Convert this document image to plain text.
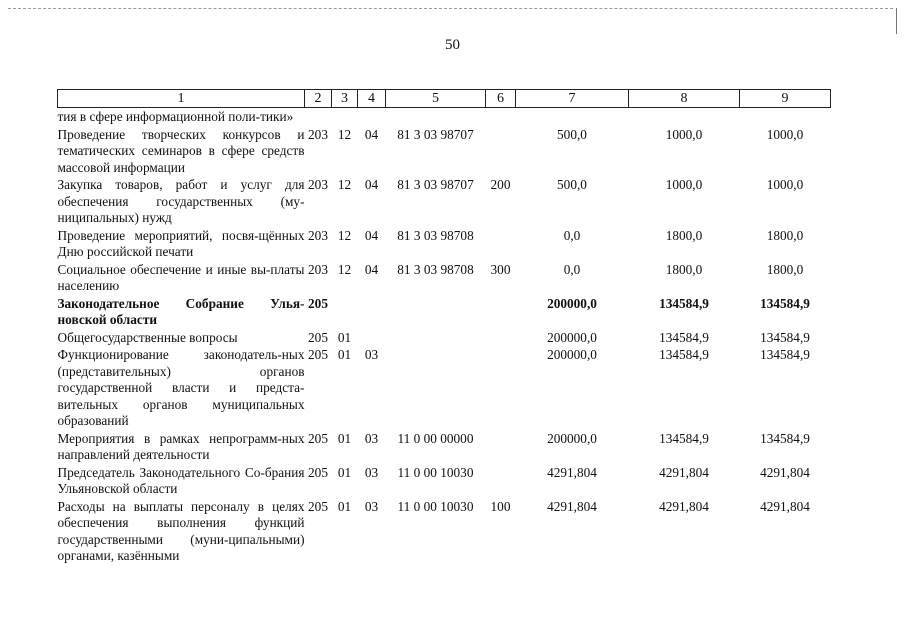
50
1	2	3	4	5	6	7	8	9
тия в сфере информационной поли-тики»								
Проведение творческих конкурсов и тематических семинаров в сфере средств массовой информации	203	12	04	81 3 03 98707		500,0	1000,0	1000,0
Закупка товаров, работ и услуг для обеспечения государственных (му-ниципальных) нужд	203	12	04	81 3 03 98707	200	500,0	1000,0	1000,0
Проведение мероприятий, посвя-щённых Дню российской печати	203	12	04	81 3 03 98708		0,0	1800,0	1800,0
Социальное обеспечение и иные вы-платы населению	203	12	04	81 3 03 98708	300	0,0	1800,0	1800,0
Законодательное Собрание Улья-новской области	205					200000,0	134584,9	134584,9
Общегосударственные вопросы	205	01				200000,0	134584,9	134584,9
Функционирование законодатель-ных (представительных) органов государственной власти и предста-вительных органов муниципальных образований	205	01	03			200000,0	134584,9	134584,9
Мероприятия в рамках непрограмм-ных направлений деятельности	205	01	03	11 0 00 00000		200000,0	134584,9	134584,9
Председатель Законодательного Со-брания Ульяновской области	205	01	03	11 0 00 10030		4291,804	4291,804	4291,804
Расходы на выплаты персоналу в целях обеспечения выполнения функций государственными (муни-ципальными) органами, казёнными	205	01	03	11 0 00 10030	100	4291,804	4291,804	4291,804
